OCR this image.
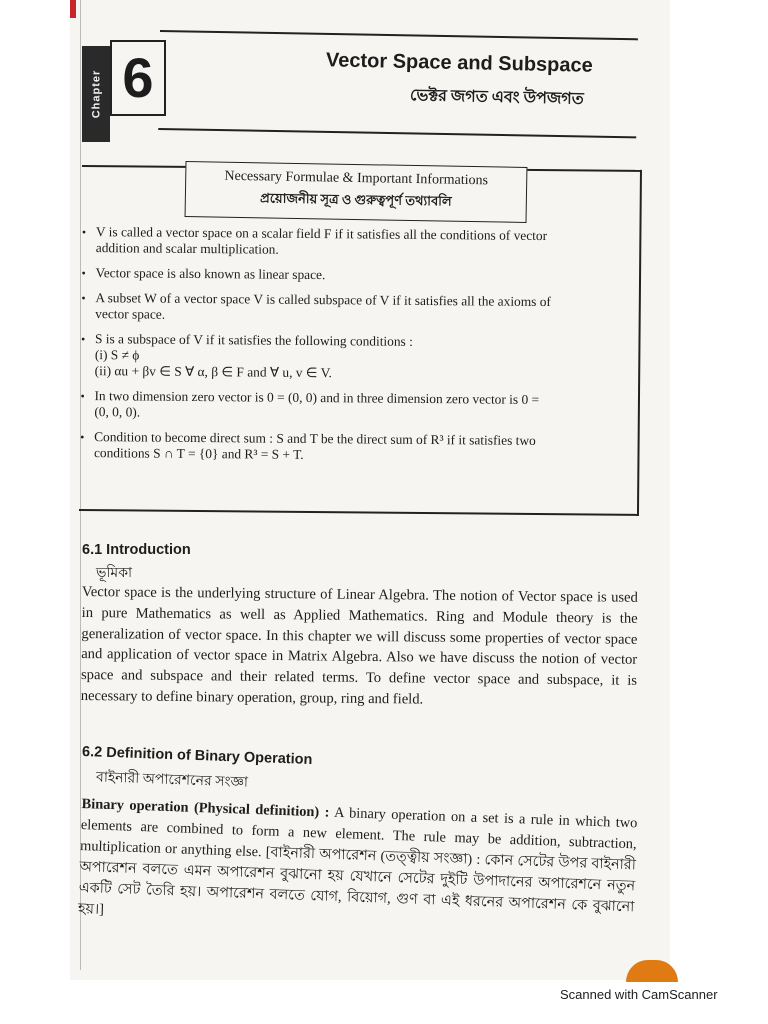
Chapter 6	Vector Space and Subspace
ভেক্টর জগত এবং উপজগত
Necessary Formulae & Important Informations
প্রয়োজনীয় সূত্র ও গুরুত্বপূর্ণ তথ্যাবলি
• V is called a vector space on a scalar field F if it satisfies all the conditions of vector
addition and scalar multiplication.
• Vector space is also known as linear space.
• A subset W of a vector space V is called subspace of V if it satisfies all the axioms of
vector space.
• S is a subspace of V if it satisfies the following conditions :
(i) S ≠ ϕ
(ii) αu + βv ∈ S ∀ α, β ∈ F and ∀ u, v ∈ V.
• In two dimension zero vector is 0 = (0, 0) and in three dimension zero vector is 0 =
(0, 0, 0).
• Condition to become direct sum : S and T be the direct sum of R³ if it satisfies two
conditions S ∩ T = {0} and R³ = S + T.
6.1 Introduction
ভূমিকা
Vector space is the underlying structure of Linear Algebra. The notion of Vector space is used in pure Mathematics as well as Applied Mathematics. Ring and Module theory is the generalization of vector space. In this chapter we will discuss some properties of vector space and application of vector space in Matrix Algebra. Also we have discuss the notion of vector space and subspace and their related terms. To define vector space and subspace, it is necessary to define binary operation, group, ring and field.
6.2 Definition of Binary Operation
বাইনারী অপারেশনের সংজ্ঞা
Binary operation (Physical definition) : A binary operation on a set is a rule in which two elements are combined to form a new element. The rule may be addition, subtraction, multiplication or anything else. [বাইনারী অপারেশন (তত্ত্বীয় সংজ্ঞা) : কোন সেটের উপর বাইনারী অপারেশন বলতে এমন অপারেশন বুঝানো হয় যেখানে সেটের দুইটি উপাদানের অপারেশনে নতুন একটি সেট তৈরি হয়। অপারেশন বলতে যোগ, বিয়োগ, গুণ বা এই ধরনের অপারেশন কে বুঝানো হয়।]
Scanned with CamScanner
